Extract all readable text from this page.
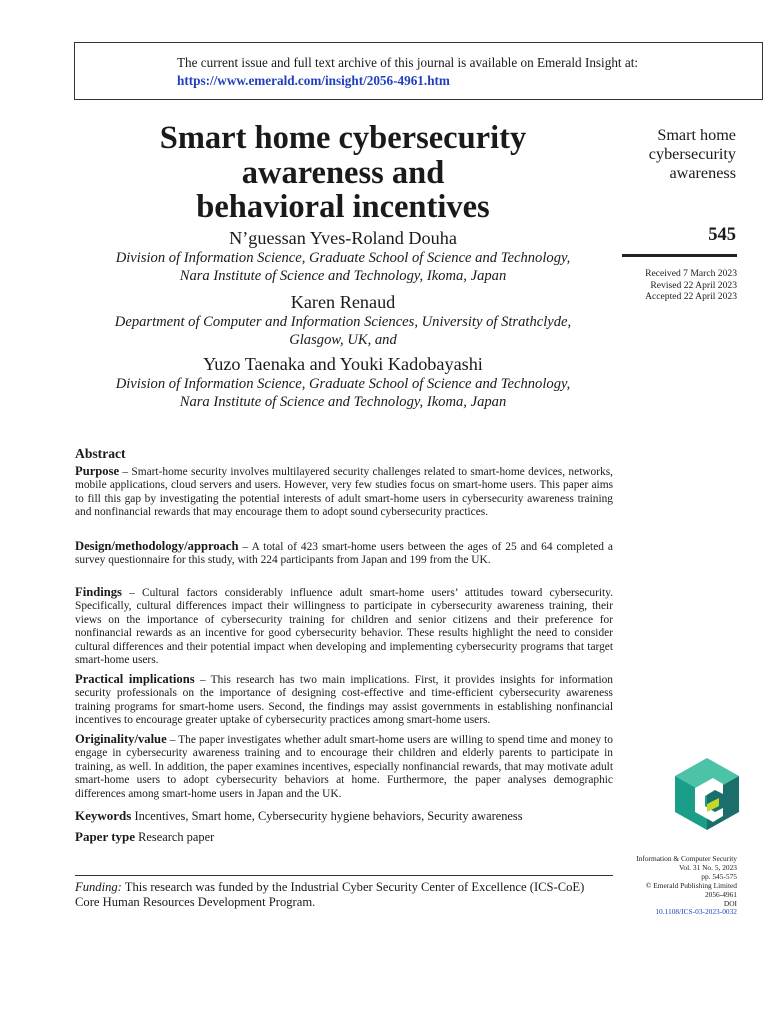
The current issue and full text archive of this journal is available on Emerald Insight at:
https://www.emerald.com/insight/2056-4961.htm
Smart home cybersecurity
awareness and
behavioral incentives
N’guessan Yves-Roland Douha
Division of Information Science, Graduate School of Science and Technology,
Nara Institute of Science and Technology, Ikoma, Japan
Karen Renaud
Department of Computer and Information Sciences, University of Strathclyde,
Glasgow, UK, and
Yuzo Taenaka and Youki Kadobayashi
Division of Information Science, Graduate School of Science and Technology,
Nara Institute of Science and Technology, Ikoma, Japan
Smart home
cybersecurity
awareness
545
Received 7 March 2023
Revised 22 April 2023
Accepted 22 April 2023
Abstract

Purpose – Smart-home security involves multilayered security challenges related to smart-home devices, networks, mobile applications, cloud servers and users. However, very few studies focus on smart-home users. This paper aims to fill this gap by investigating the potential interests of adult smart-home users in cybersecurity awareness training and nonfinancial rewards that may encourage them to adopt sound cybersecurity practices.

Design/methodology/approach – A total of 423 smart-home users between the ages of 25 and 64 completed a survey questionnaire for this study, with 224 participants from Japan and 199 from the UK.

Findings – Cultural factors considerably influence adult smart-home users’ attitudes toward cybersecurity. Specifically, cultural differences impact their willingness to participate in cybersecurity awareness training, their views on the importance of cybersecurity training for children and senior citizens and their preference for nonfinancial rewards as an incentive for good cybersecurity behavior. These results highlight the need to consider cultural differences and their potential impact when developing and implementing cybersecurity programs that target smart-home users.

Practical implications – This research has two main implications. First, it provides insights for information security professionals on the importance of designing cost-effective and time-efficient cybersecurity awareness training programs for smart-home users. Second, the findings may assist governments in establishing nonfinancial incentives to encourage greater uptake of cybersecurity practices among smart-home users.

Originality/value – The paper investigates whether adult smart-home users are willing to spend time and money to engage in cybersecurity awareness training and to encourage their children and elderly parents to participate in training, as well. In addition, the paper examines incentives, especially nonfinancial rewards, that may motivate adult smart-home users to adopt cybersecurity behaviors at home. Furthermore, the paper analyses demographic differences among smart-home users in Japan and the UK.

Keywords Incentives, Smart home, Cybersecurity hygiene behaviors, Security awareness
Paper type Research paper
Information & Computer Security
Vol. 31 No. 5, 2023
pp. 545-575
© Emerald Publishing Limited
2056-4961
DOI
10.1108/ICS-03-2023-0032
Funding: This research was funded by the Industrial Cyber Security Center of Excellence (ICS-CoE)
Core Human Resources Development Program.
